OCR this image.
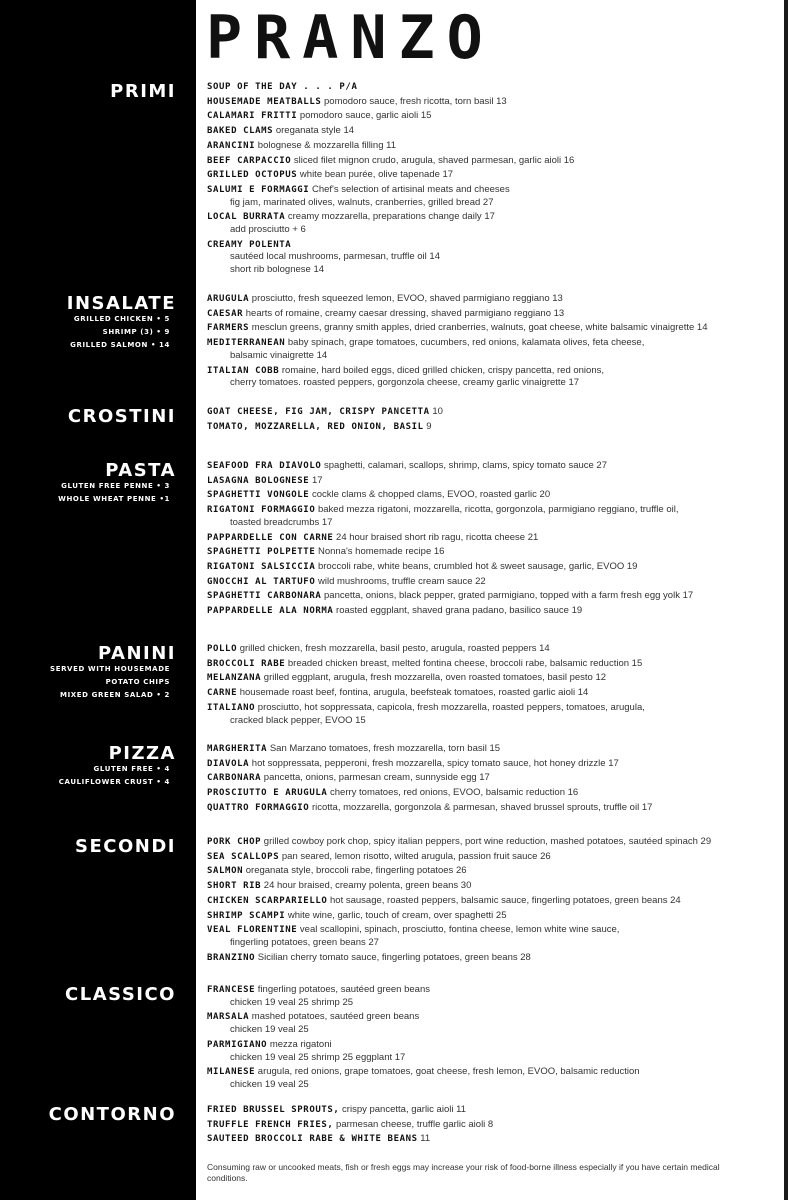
PRANZO
PRIMI	SOUP OF THE DAY . . . P/A
HOUSEMADE MEATBALLS pomodoro sauce, fresh ricotta, torn basil 13
CALAMARI FRITTI pomodoro sauce, garlic aioli 15
BAKED CLAMS oreganata style 14
ARANCINI bolognese & mozzarella filling 11
BEEF CARPACCIO sliced filet mignon crudo, arugula, shaved parmesan, garlic aioli 16
GRILLED OCTOPUS white bean purée, olive tapenade 17
SALUMI E FORMAGGI Chef's selection of artisinal meats and cheeses
fig jam, marinated olives, walnuts, cranberries, grilled bread 27
LOCAL BURRATA creamy mozzarella, preparations change daily 17
add prosciutto + 6
CREAMY POLENTA
sautéed local mushrooms, parmesan, truffle oil 14
short rib bolognese 14
INSALATE
GRILLED CHICKEN • 5
SHRIMP (3) • 9
GRILLED SALMON • 14
ARUGULA prosciutto, fresh squeezed lemon, EVOO, shaved parmigiano reggiano 13
CAESAR hearts of romaine, creamy caesar dressing, shaved parmigiano reggiano 13
FARMERS mesclun greens, granny smith apples, dried cranberries, walnuts, goat cheese, white balsamic vinaigrette 14
MEDITERRANEAN baby spinach, grape tomatoes, cucumbers, red onions, kalamata olives, feta cheese,
balsamic vinaigrette 14
ITALIAN COBB romaine, hard boiled eggs, diced grilled chicken, crispy pancetta, red onions,
cherry tomatoes. roasted peppers, gorgonzola cheese, creamy garlic vinaigrette 17
CROSTINI	GOAT CHEESE, FIG JAM, CRISPY PANCETTA 10
TOMATO, MOZZARELLA, RED ONION, BASIL 9
PASTA
GLUTEN FREE PENNE • 3
WHOLE WHEAT PENNE •1
SEAFOOD FRA DIAVOLO spaghetti, calamari, scallops, shrimp, clams, spicy tomato sauce 27
LASAGNA BOLOGNESE 17
SPAGHETTI VONGOLE cockle clams & chopped clams, EVOO, roasted garlic 20
RIGATONI FORMAGGIO baked mezza rigatoni, mozzarella, ricotta, gorgonzola, parmigiano reggiano, truffle oil,
toasted breadcrumbs 17
PAPPARDELLE CON CARNE 24 hour braised short rib ragu, ricotta cheese 21
SPAGHETTI POLPETTE Nonna's homemade recipe 16
RIGATONI SALSICCIA broccoli rabe, white beans, crumbled hot & sweet sausage, garlic, EVOO 19
GNOCCHI AL TARTUFO wild mushrooms, truffle cream sauce 22
SPAGHETTI CARBONARA pancetta, onions, black pepper, grated parmigiano, topped with a farm fresh egg yolk 17
PAPPARDELLE ALA NORMA roasted eggplant, shaved grana padano, basilico sauce 19
PANINI
SERVED WITH HOUSEMADE
POTATO CHIPS
MIXED GREEN SALAD • 2
POLLO grilled chicken, fresh mozzarella, basil pesto, arugula, roasted peppers 14
BROCCOLI RABE breaded chicken breast, melted fontina cheese, broccoli rabe, balsamic reduction 15
MELANZANA grilled eggplant, arugula, fresh mozzarella, oven roasted tomatoes, basil pesto 12
CARNE housemade roast beef, fontina, arugula, beefsteak tomatoes, roasted garlic aioli 14
ITALIANO prosciutto, hot soppressata, capicola, fresh mozzarella, roasted peppers, tomatoes, arugula,
cracked black pepper, EVOO 15
PIZZA
GLUTEN FREE • 4
CAULIFLOWER CRUST • 4
MARGHERITA San Marzano tomatoes, fresh mozzarella, torn basil 15
DIAVOLA hot soppressata, pepperoni, fresh mozzarella, spicy tomato sauce, hot honey drizzle 17
CARBONARA pancetta, onions, parmesan cream, sunnyside egg 17
PROSCIUTTO E ARUGULA cherry tomatoes, red onions, EVOO, balsamic reduction 16
QUATTRO FORMAGGIO ricotta, mozzarella, gorgonzola & parmesan, shaved brussel sprouts, truffle oil 17
SECONDI	PORK CHOP grilled cowboy pork chop, spicy italian peppers, port wine reduction, mashed potatoes, sautéed spinach 29
SEA SCALLOPS pan seared, lemon risotto, wilted arugula, passion fruit sauce 26
SALMON oreganata style, broccoli rabe, fingerling potatoes 26
SHORT RIB 24 hour braised, creamy polenta, green beans 30
CHICKEN SCARPARIELLO hot sausage, roasted peppers, balsamic sauce, fingerling potatoes, green beans 24
SHRIMP SCAMPI white wine, garlic, touch of cream, over spaghetti 25
VEAL FLORENTINE veal scallopini, spinach, prosciutto, fontina cheese, lemon white wine sauce,
fingerling potatoes, green beans 27
BRANZINO Sicilian cherry tomato sauce, fingerling potatoes, green beans 28
CLASSICO	FRANCESE fingerling potatoes, sautéed green beans
chicken 19 veal 25 shrimp 25
MARSALA mashed potatoes, sautéed green beans
chicken 19 veal 25
PARMIGIANO mezza rigatoni
chicken 19 veal 25 shrimp 25 eggplant 17
MILANESE arugula, red onions, grape tomatoes, goat cheese, fresh lemon, EVOO, balsamic reduction
chicken 19 veal 25
CONTORNO	FRIED BRUSSEL SPROUTS, crispy pancetta, garlic aioli 11
TRUFFLE FRENCH FRIES, parmesan cheese, truffle garlic aioli 8
SAUTEED BROCCOLI RABE & WHITE BEANS 11
Consuming raw or uncooked meats, fish or fresh eggs may increase your risk of food-borne illness especially if you have certain medical conditions.
